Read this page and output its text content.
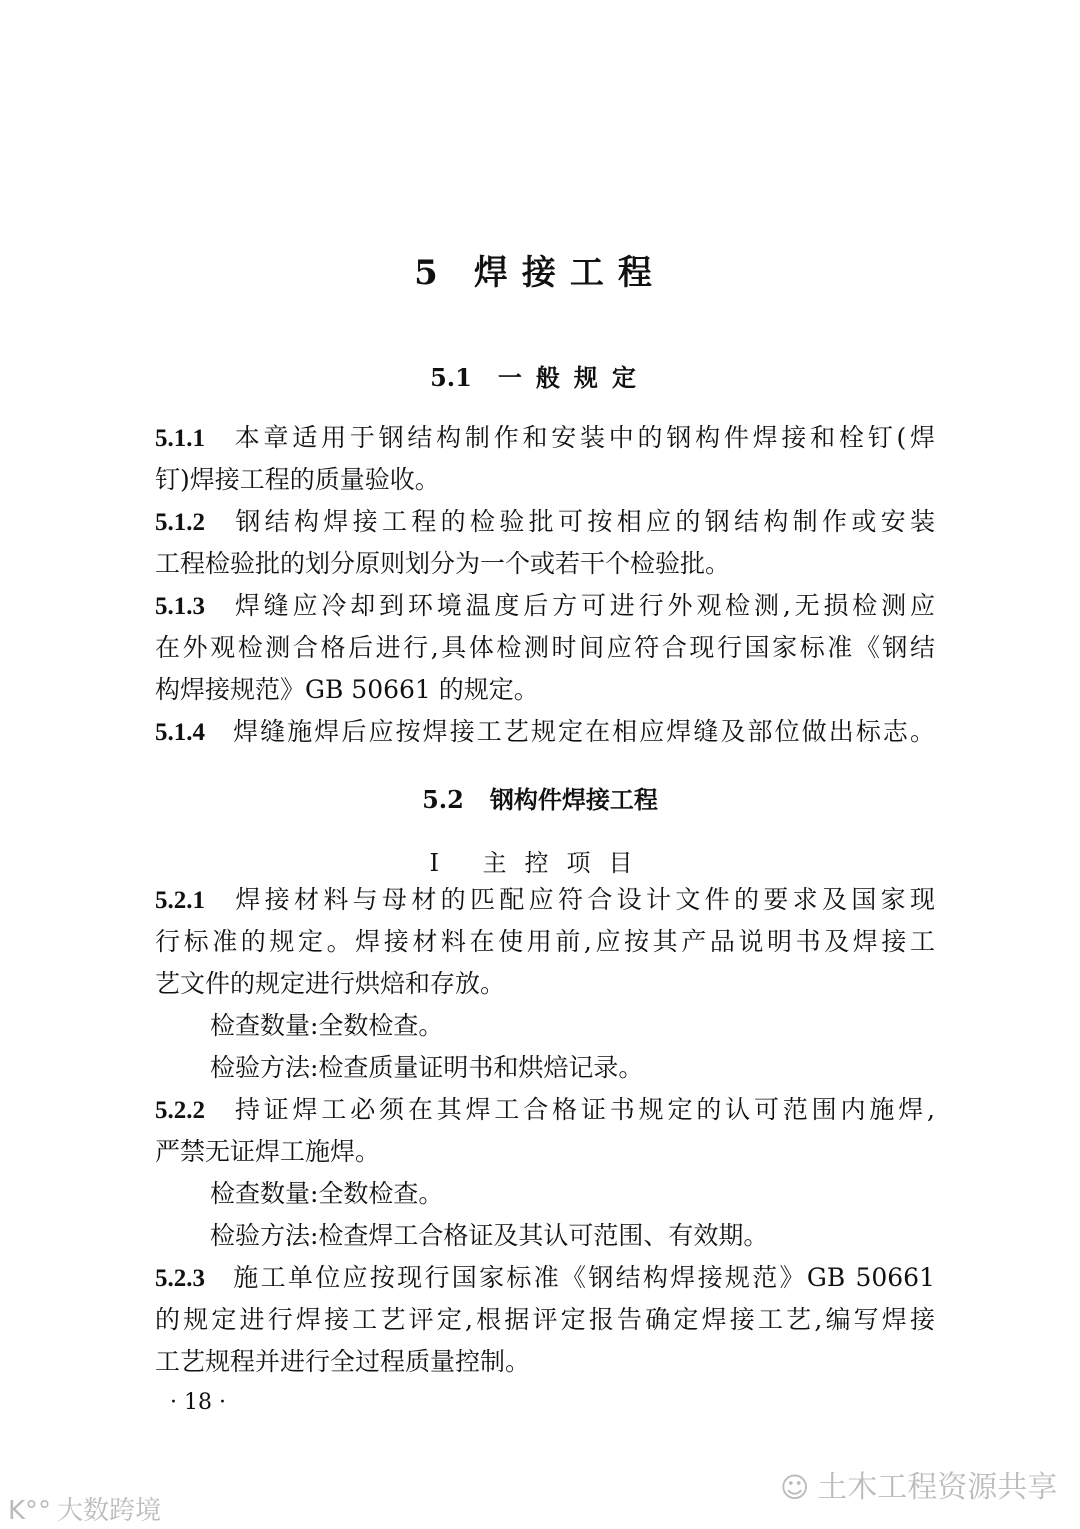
5 焊接工程
5.1 一般规定
5.1.1 本章适用于钢结构制作和安装中的钢构件焊接和栓钉(焊
钉)焊接工程的质量验收。
5.1.2 钢结构焊接工程的检验批可按相应的钢结构制作或安装
工程检验批的划分原则划分为一个或若干个检验批。
5.1.3 焊缝应冷却到环境温度后方可进行外观检测,无损检测应
在外观检测合格后进行,具体检测时间应符合现行国家标准《钢结
构焊接规范》GB 50661 的规定。
5.1.4 焊缝施焊后应按焊接工艺规定在相应焊缝及部位做出标志。
5.2 钢构件焊接工程
Ⅰ 主控项目
5.2.1 焊接材料与母材的匹配应符合设计文件的要求及国家现
行标准的规定。焊接材料在使用前,应按其产品说明书及焊接工
艺文件的规定进行烘焙和存放。
检查数量:全数检查。
检验方法:检查质量证明书和烘焙记录。
5.2.2 持证焊工必须在其焊工合格证书规定的认可范围内施焊,
严禁无证焊工施焊。
检查数量:全数检查。
检验方法:检查焊工合格证及其认可范围、有效期。
5.2.3 施工单位应按现行国家标准《钢结构焊接规范》GB 50661
的规定进行焊接工艺评定,根据评定报告确定焊接工艺,编写焊接
工艺规程并进行全过程质量控制。
· 18 ·
☺ 土木工程资源共享
K°° 大数跨境
